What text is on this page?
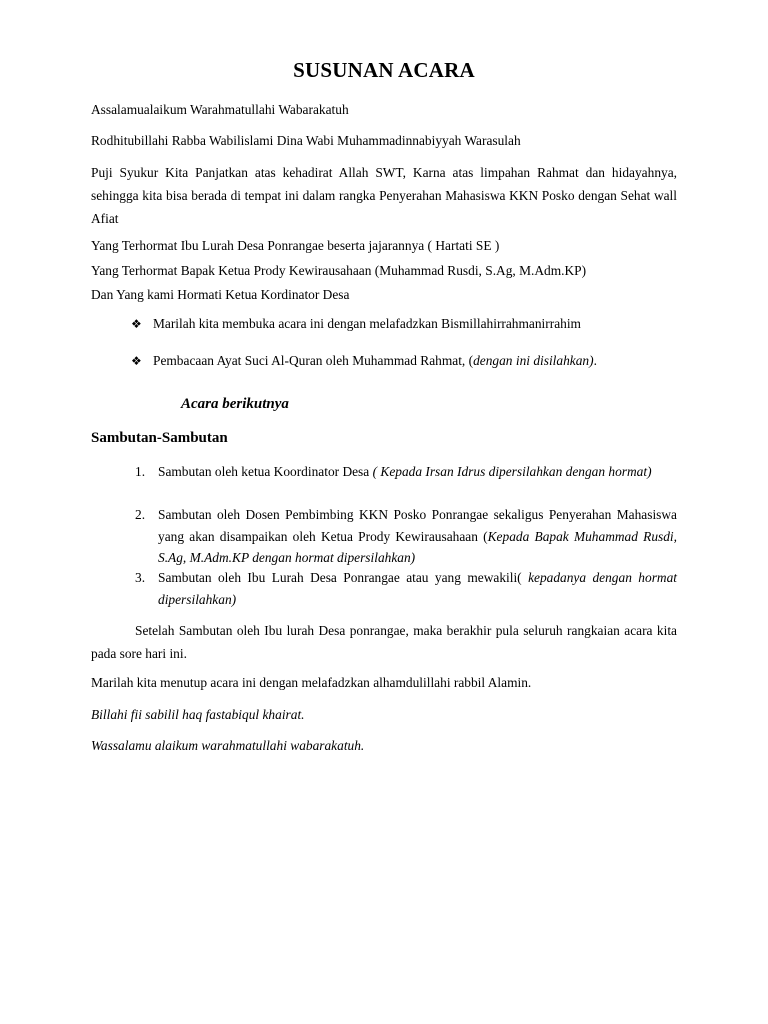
SUSUNAN ACARA
Assalamualaikum Warahmatullahi Wabarakatuh
Rodhitubillahi Rabba Wabilislami Dina Wabi Muhammadinnabiyyah Warasulah
Puji Syukur Kita Panjatkan atas kehadirat Allah SWT, Karna atas limpahan Rahmat dan hidayahnya, sehingga kita bisa berada di tempat ini dalam rangka Penyerahan Mahasiswa KKN Posko dengan Sehat wall Afiat
Yang Terhormat Ibu Lurah Desa Ponrangae beserta jajarannya ( Hartati SE )
Yang Terhormat Bapak Ketua Prody Kewirausahaan (Muhammad Rusdi, S.Ag, M.Adm.KP)
Dan Yang kami Hormati Ketua Kordinator Desa
❖ Marilah kita membuka acara ini dengan melafadzkan Bismillahirrahmanirrahim
❖ Pembacaan Ayat Suci Al-Quran oleh Muhammad Rahmat, (dengan ini disilahkan).
Acara berikutnya
Sambutan-Sambutan
1. Sambutan oleh ketua Koordinator Desa ( Kepada Irsan Idrus dipersilahkan dengan hormat)
2. Sambutan oleh Dosen Pembimbing KKN Posko Ponrangae sekaligus Penyerahan Mahasiswa yang akan disampaikan oleh Ketua Prody Kewirausahaan (Kepada Bapak Muhammad Rusdi, S.Ag, M.Adm.KP dengan hormat dipersilahkan)
3. Sambutan oleh Ibu Lurah Desa Ponrangae atau yang mewakili( kepadanya dengan hormat dipersilahkan)
Setelah Sambutan oleh Ibu lurah Desa ponrangae, maka berakhir pula seluruh rangkaian acara kita pada sore hari ini.
Marilah kita menutup acara ini dengan melafadzkan alhamdulillahi rabbil Alamin.
Billahi fii sabilil haq fastabiqul khairat.
Wassalamu alaikum warahmatullahi wabarakatuh.
